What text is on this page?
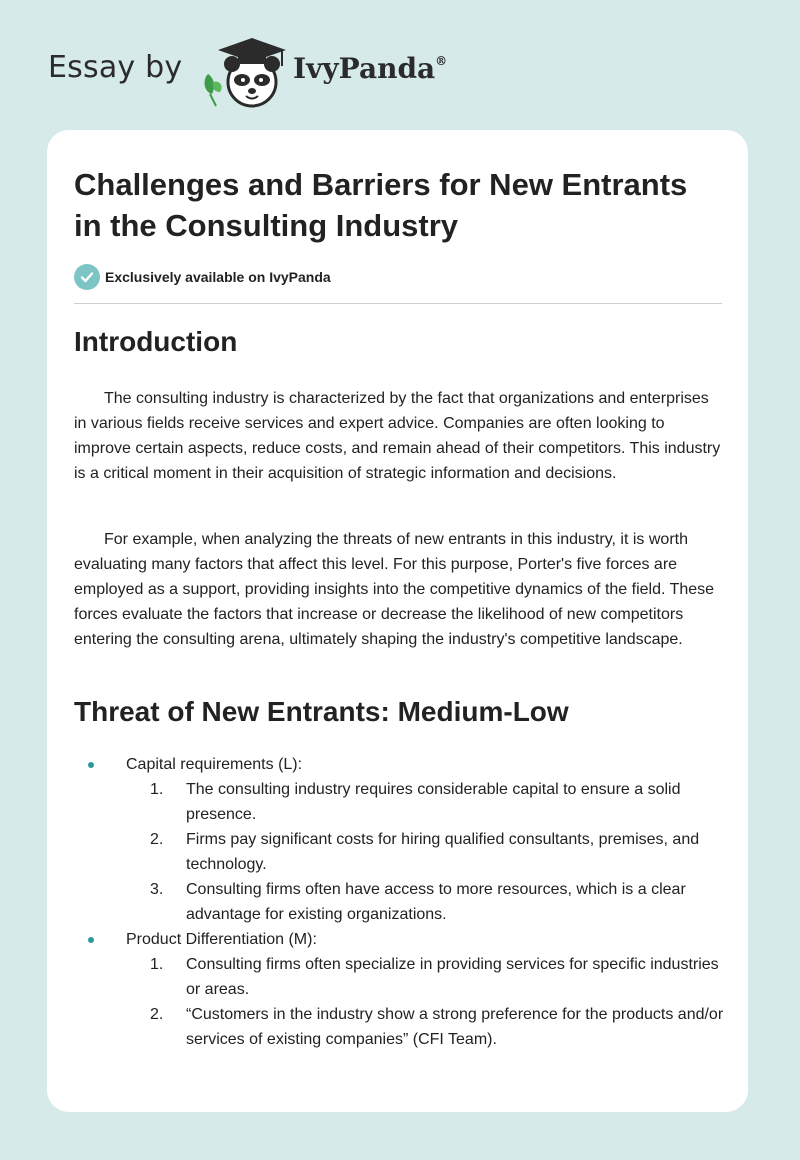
Essay by	IvyPanda®
Challenges and Barriers for New Entrants in the Consulting Industry
Exclusively available on IvyPanda
Introduction

The consulting industry is characterized by the fact that organizations and enterprises in various fields receive services and expert advice. Companies are often looking to improve certain aspects, reduce costs, and remain ahead of their competitors. This industry is a critical moment in their acquisition of strategic information and decisions.

For example, when analyzing the threats of new entrants in this industry, it is worth evaluating many factors that affect this level. For this purpose, Porter's five forces are employed as a support, providing insights into the competitive dynamics of the field. These forces evaluate the factors that increase or decrease the likelihood of new competitors entering the consulting arena, ultimately shaping the industry's competitive landscape.

Threat of New Entrants: Medium-Low
Capital requirements (L):
1. The consulting industry requires considerable capital to ensure a solid presence.
2. Firms pay significant costs for hiring qualified consultants, premises, and technology.
3. Consulting firms often have access to more resources, which is a clear advantage for existing organizations.
Product Differentiation (M):
1. Consulting firms often specialize in providing services for specific industries or areas.
2. “Customers in the industry show a strong preference for the products and/or services of existing companies” (CFI Team).
